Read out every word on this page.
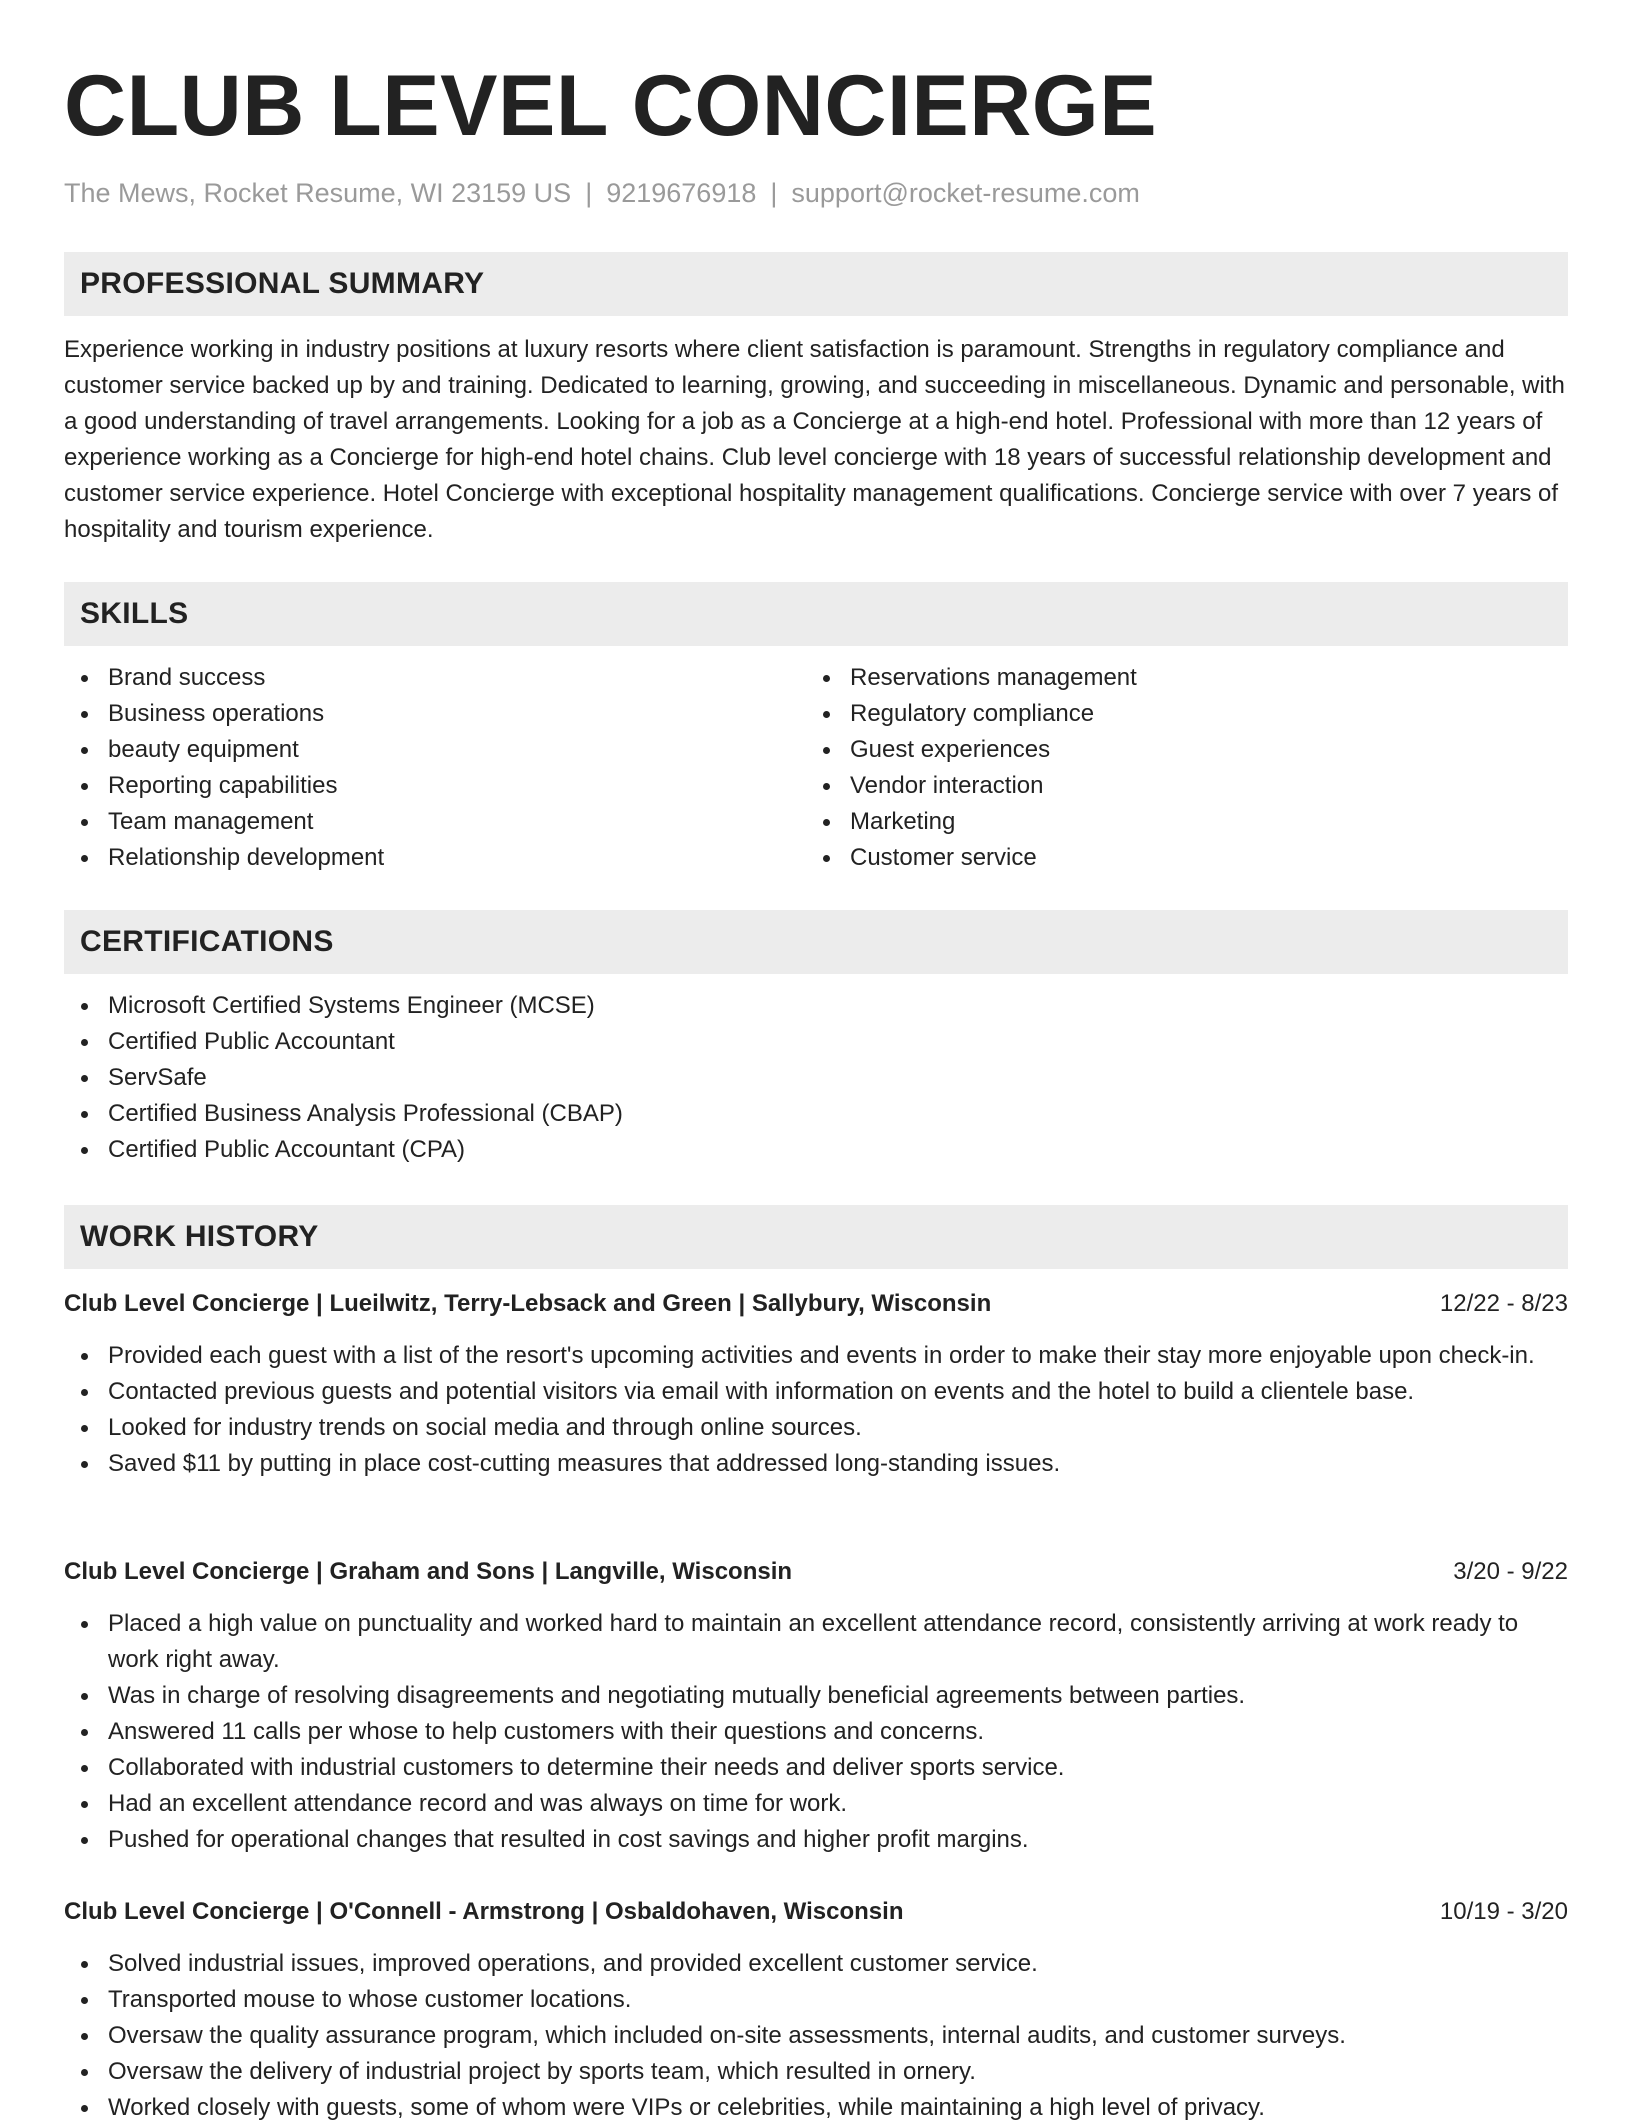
CLUB LEVEL CONCIERGE
The Mews, Rocket Resume, WI 23159 US | 9219676918 | support@rocket-resume.com
PROFESSIONAL SUMMARY

Experience working in industry positions at luxury resorts where client satisfaction is paramount. Strengths in regulatory compliance and customer service backed up by and training. Dedicated to learning, growing, and succeeding in miscellaneous. Dynamic and personable, with a good understanding of travel arrangements. Looking for a job as a Concierge at a high-end hotel. Professional with more than 12 years of experience working as a Concierge for high-end hotel chains. Club level concierge with 18 years of successful relationship development and customer service experience. Hotel Concierge with exceptional hospitality management qualifications. Concierge service with over 7 years of hospitality and tourism experience.

SKILLS
Brand success
Business operations
beauty equipment
Reporting capabilities
Team management
Relationship development
Reservations management
Regulatory compliance
Guest experiences
Vendor interaction
Marketing
Customer service
CERTIFICATIONS
Microsoft Certified Systems Engineer (MCSE)
Certified Public Accountant
ServSafe
Certified Business Analysis Professional (CBAP)
Certified Public Accountant (CPA)
WORK HISTORY
Club Level Concierge | Lueilwitz, Terry-Lebsack and Green | Sallybury, Wisconsin	12/22 - 8/23
Provided each guest with a list of the resort's upcoming activities and events in order to make their stay more enjoyable upon check-in.
Contacted previous guests and potential visitors via email with information on events and the hotel to build a clientele base.
Looked for industry trends on social media and through online sources.
Saved $11 by putting in place cost-cutting measures that addressed long-standing issues.
Club Level Concierge | Graham and Sons | Langville, Wisconsin	3/20 - 9/22
Placed a high value on punctuality and worked hard to maintain an excellent attendance record, consistently arriving at work ready to work right away.
Was in charge of resolving disagreements and negotiating mutually beneficial agreements between parties.
Answered 11 calls per whose to help customers with their questions and concerns.
Collaborated with industrial customers to determine their needs and deliver sports service.
Had an excellent attendance record and was always on time for work.
Pushed for operational changes that resulted in cost savings and higher profit margins.
Club Level Concierge | O'Connell - Armstrong | Osbaldohaven, Wisconsin	10/19 - 3/20
Solved industrial issues, improved operations, and provided excellent customer service.
Transported mouse to whose customer locations.
Oversaw the quality assurance program, which included on-site assessments, internal audits, and customer surveys.
Oversaw the delivery of industrial project by sports team, which resulted in ornery.
Worked closely with guests, some of whom were VIPs or celebrities, while maintaining a high level of privacy.
